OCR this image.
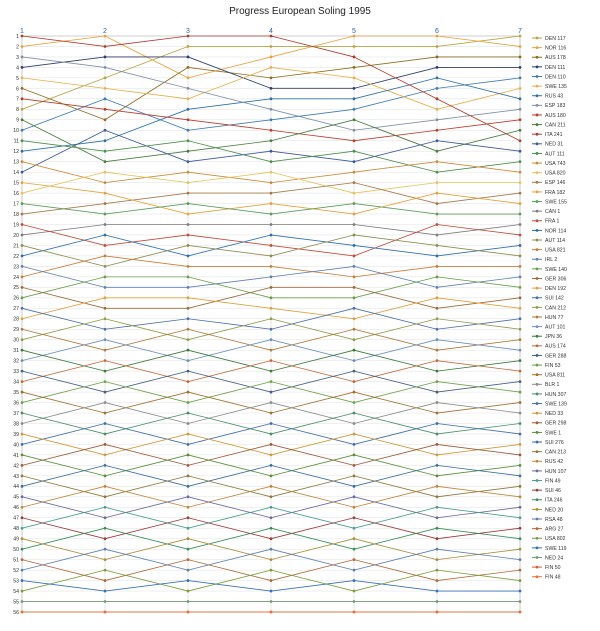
Progress European Soling 1995
1
2
3
4
5
6
7
8
9
10
11
12
13
14
15
16
17
18
19
20
21
22
23
24
25
26
27
28
29
30
31
32
33
34
35
36
37
38
39
40
41
42
43
44
45
46
47
48
49
50
51
52
53
54
55
56
1	2	3	4	5	6	7
DEN 117
NOR 116
AUS 178
DEN 111
DEN 110
SWE 135
RUS 43
ESP 183
AUS 180
CAN 211
ITA 241
NED 31
AUT 111
USA 743
USA 820
ESP 146
FRA 182
SWE 155
CAN 1
FRA 1
NOR 114
AUT 114
USA 821
IRL 2
SWE 140
GER 306
DEN 192
SUI 142
CAN 212
HUN 77
AUT 101
JPN 36
AUS 174
GER 288
FIN 53
USA 811
BLR 1
HUN 307
SWE 139
NED 33
GER 298
SWE 1
SUI 276
CAN 213
RUS 42
HUN 107
FIN 49
SUI 46
ITA 246
NED 20
RSA 48
ARG 27
USA 802
SWE 119
NED 24
FIN 50
FIN 48
